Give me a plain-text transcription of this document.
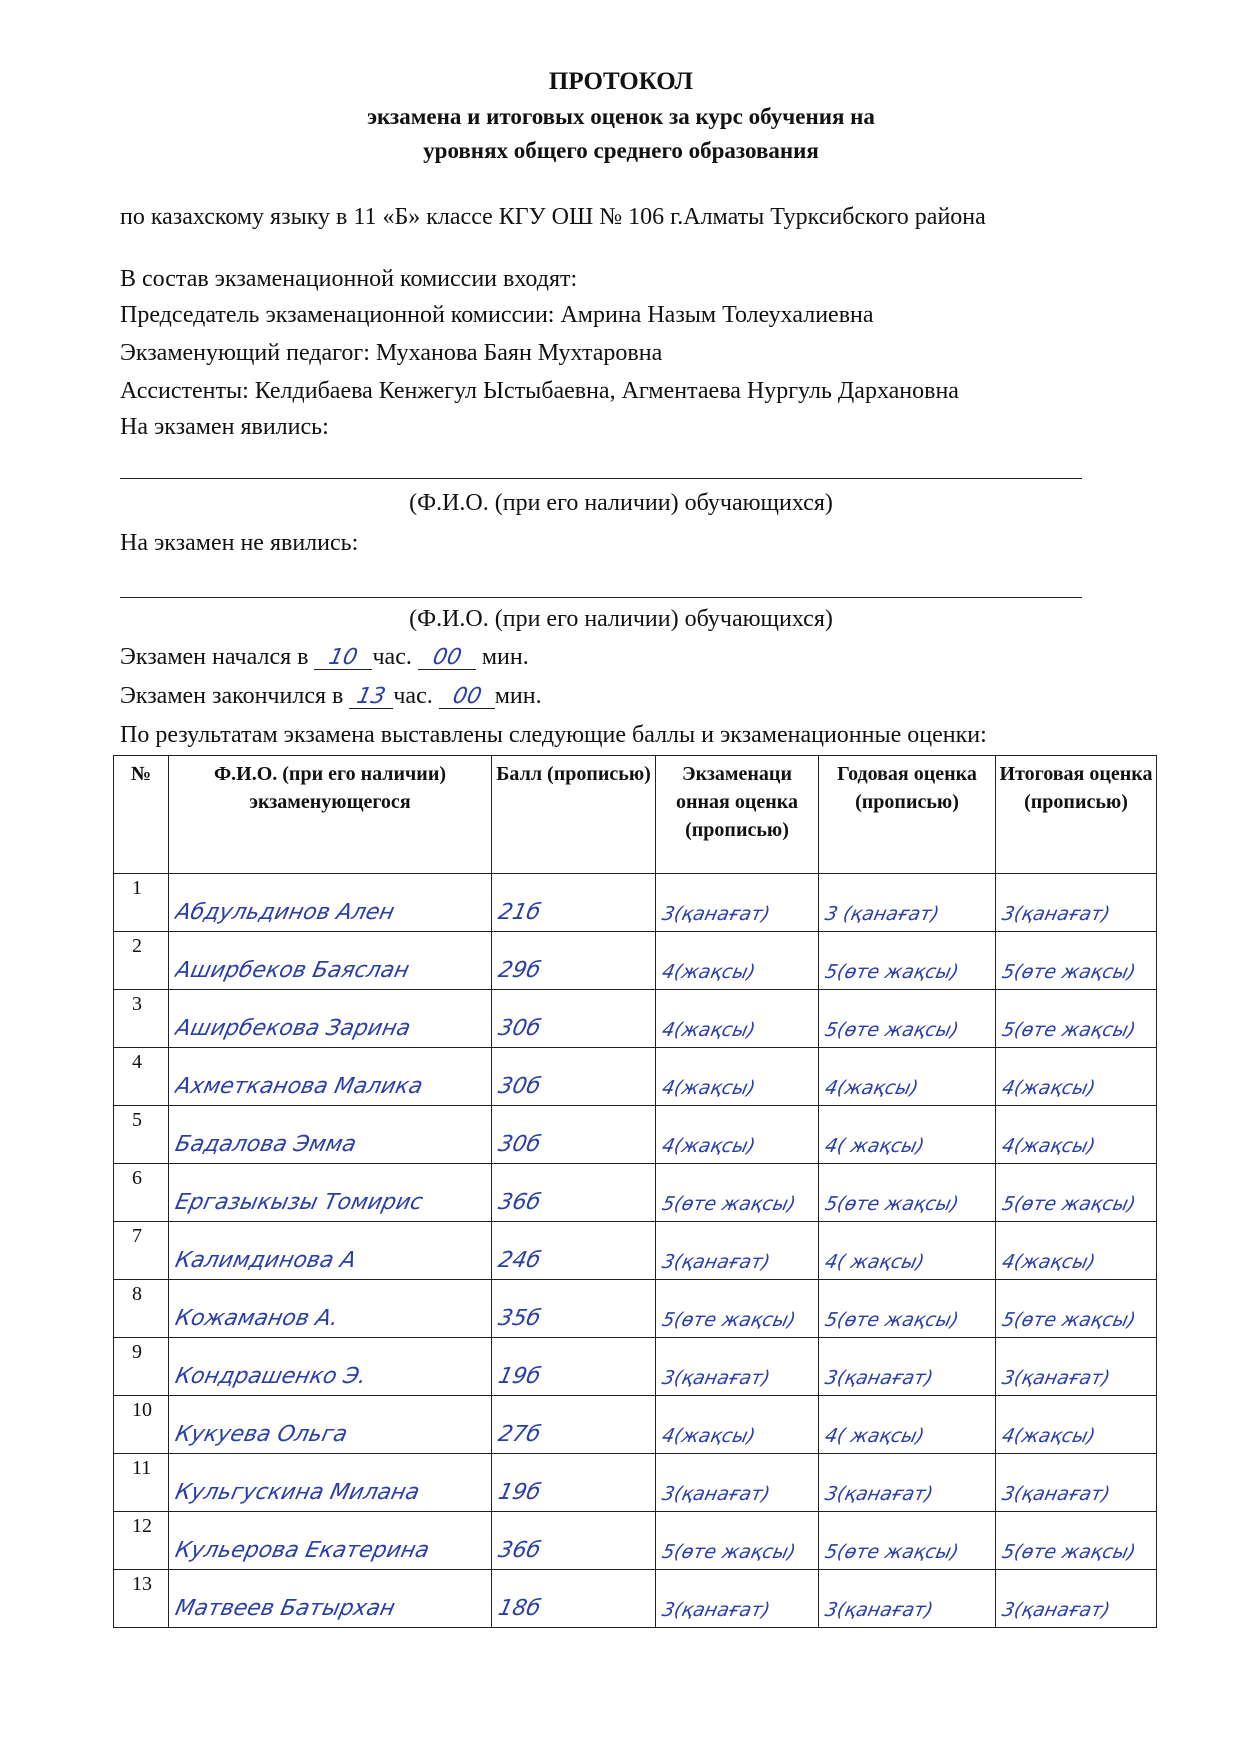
ПРОТОКОЛ
экзамена и итоговых оценок за курс обучения на
уровнях общего среднего образования
по казахскому языку в 11 «Б» классе КГУ ОШ № 106 г.Алматы Турксибского района
В состав экзаменационной комиссии входят:
Председатель экзаменационной комиссии: Амрина Назым Толеухалиевна
Экзаменующий педагог: Муханова Баян Мухтаровна
Ассистенты: Келдибаева Кенжегул Ыстыбаевна, Агментаева Нургуль Дархановна
На экзамен явились:
(Ф.И.О. (при его наличии) обучающихся)
На экзамен не явились:
(Ф.И.О. (при его наличии) обучающихся)
Экзамен начался в 10 час. 00 мин.
Экзамен закончился в 13 час. 00 мин.
По результатам экзамена выставлены следующие баллы и экзаменационные оценки:
№	Ф.И.О. (при его наличии) экзаменующегося	Балл (прописью)	Экзаменаци онная оценка (прописью)	Годовая оценка (прописью)	Итоговая оценка (прописью)

1	Абдульдинов Ален	21б	3(қанағат)	3 (қанағат)	3(қанағат)

2	Аширбеков Баяслан	29б	4(жақсы)	5(өте жақсы)	5(өте жақсы)

3	Аширбекова Зарина	30б	4(жақсы)	5(өте жақсы)	5(өте жақсы)

4	Ахметканова Малика	30б	4(жақсы)	4(жақсы)	4(жақсы)

5	Бадалова Эмма	30б	4(жақсы)	4( жақсы)	4(жақсы)

6	Ергазыкызы Томирис	36б	5(өте жақсы)	5(өте жақсы)	5(өте жақсы)

7	Калимдинова А	24б	3(қанағат)	4( жақсы)	4(жақсы)

8	Кожаманов А.	35б	5(өте жақсы)	5(өте жақсы)	5(өте жақсы)

9	Кондрашенко Э.	19б	3(қанағат)	3(қанағат)	3(қанағат)

10	Кукуева Ольга	27б	4(жақсы)	4( жақсы)	4(жақсы)

11	Кульгускина Милана	19б	3(қанағат)	3(қанағат)	3(қанағат)

12	Кульерова Екатерина	36б	5(өте жақсы)	5(өте жақсы)	5(өте жақсы)

13	Матвеев Батырхан	18б	3(қанағат)	3(қанағат)	3(қанағат)
